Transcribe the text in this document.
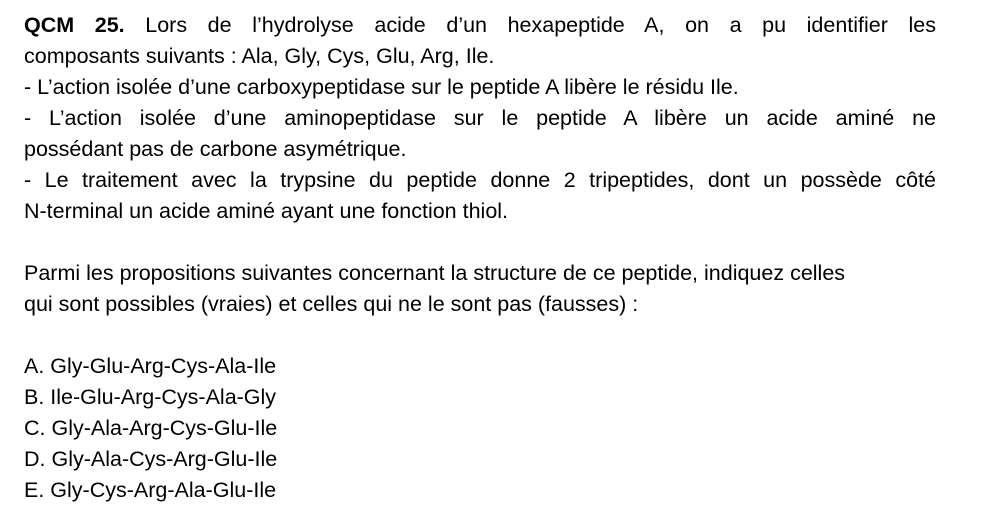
QCM 25. Lors de l’hydrolyse acide d’un hexapeptide A, on a pu identifier les
composants suivants : Ala, Gly, Cys, Glu, Arg, Ile.
- L’action isolée d’une carboxypeptidase sur le peptide A libère le résidu Ile.
- L’action isolée d’une aminopeptidase sur le peptide A libère un acide aminé ne
possédant pas de carbone asymétrique.
- Le traitement avec la trypsine du peptide donne 2 tripeptides, dont un possède côté
N-terminal un acide aminé ayant une fonction thiol.
Parmi les propositions suivantes concernant la structure de ce peptide, indiquez celles
qui sont possibles (vraies) et celles qui ne le sont pas (fausses) :
A. Gly-Glu-Arg-Cys-Ala-Ile
B. Ile-Glu-Arg-Cys-Ala-Gly
C. Gly-Ala-Arg-Cys-Glu-Ile
D. Gly-Ala-Cys-Arg-Glu-Ile
E. Gly-Cys-Arg-Ala-Glu-Ile
